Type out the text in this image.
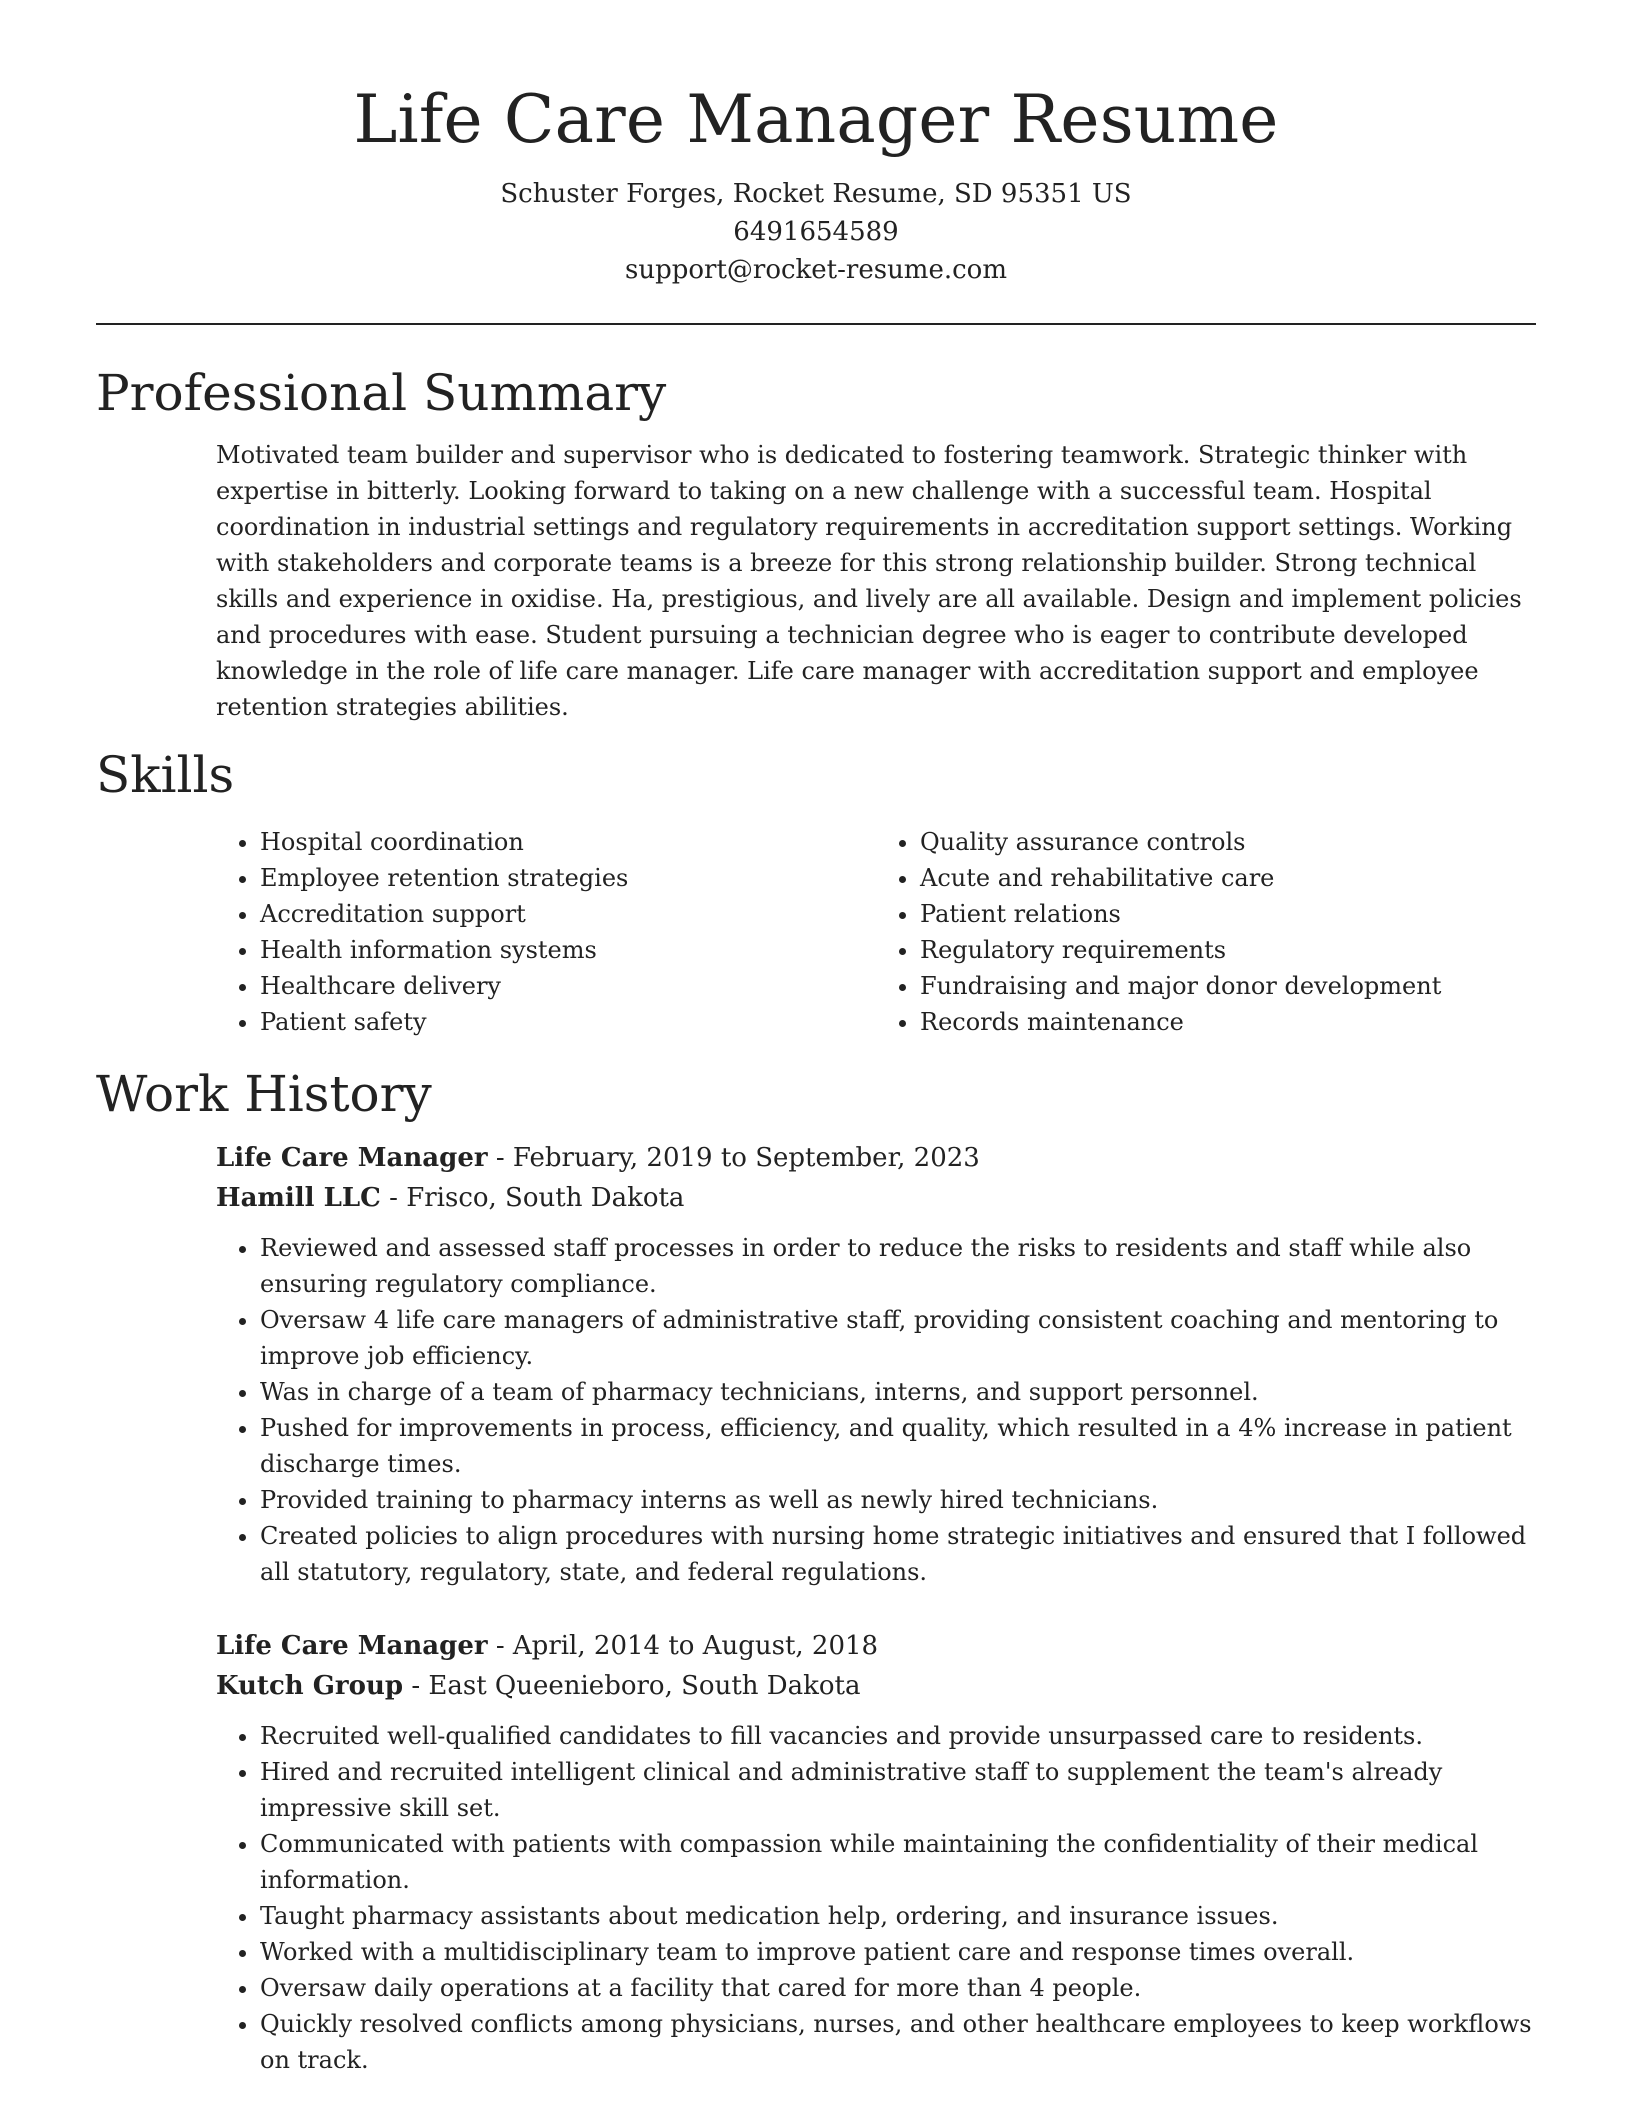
Life Care Manager Resume
Schuster Forges, Rocket Resume, SD 95351 US
6491654589
support@rocket-resume.com
Professional Summary

Motivated team builder and supervisor who is dedicated to fostering teamwork. Strategic thinker with expertise in bitterly. Looking forward to taking on a new challenge with a successful team. Hospital coordination in industrial settings and regulatory requirements in accreditation support settings. Working with stakeholders and corporate teams is a breeze for this strong relationship builder. Strong technical skills and experience in oxidise. Ha, prestigious, and lively are all available. Design and implement policies and procedures with ease. Student pursuing a technician degree who is eager to contribute developed knowledge in the role of life care manager. Life care manager with accreditation support and employee retention strategies abilities.

Skills
• Hospital coordination
• Employee retention strategies
• Accreditation support
• Health information systems
• Healthcare delivery
• Patient safety
• Quality assurance controls
• Acute and rehabilitative care
• Patient relations
• Regulatory requirements
• Fundraising and major donor development
• Records maintenance
Work History
Life Care Manager - February, 2019 to September, 2023
Hamill LLC - Frisco, South Dakota
• Reviewed and assessed staff processes in order to reduce the risks to residents and staff while also ensuring regulatory compliance.
• Oversaw 4 life care managers of administrative staff, providing consistent coaching and mentoring to improve job efficiency.
• Was in charge of a team of pharmacy technicians, interns, and support personnel.
• Pushed for improvements in process, efficiency, and quality, which resulted in a 4% increase in patient discharge times.
• Provided training to pharmacy interns as well as newly hired technicians.
• Created policies to align procedures with nursing home strategic initiatives and ensured that I followed all statutory, regulatory, state, and federal regulations.
Life Care Manager - April, 2014 to August, 2018
Kutch Group - East Queenieboro, South Dakota
• Recruited well-qualified candidates to fill vacancies and provide unsurpassed care to residents.
• Hired and recruited intelligent clinical and administrative staff to supplement the team's already impressive skill set.
• Communicated with patients with compassion while maintaining the confidentiality of their medical information.
• Taught pharmacy assistants about medication help, ordering, and insurance issues.
• Worked with a multidisciplinary team to improve patient care and response times overall.
• Oversaw daily operations at a facility that cared for more than 4 people.
• Quickly resolved conflicts among physicians, nurses, and other healthcare employees to keep workflows on track.
